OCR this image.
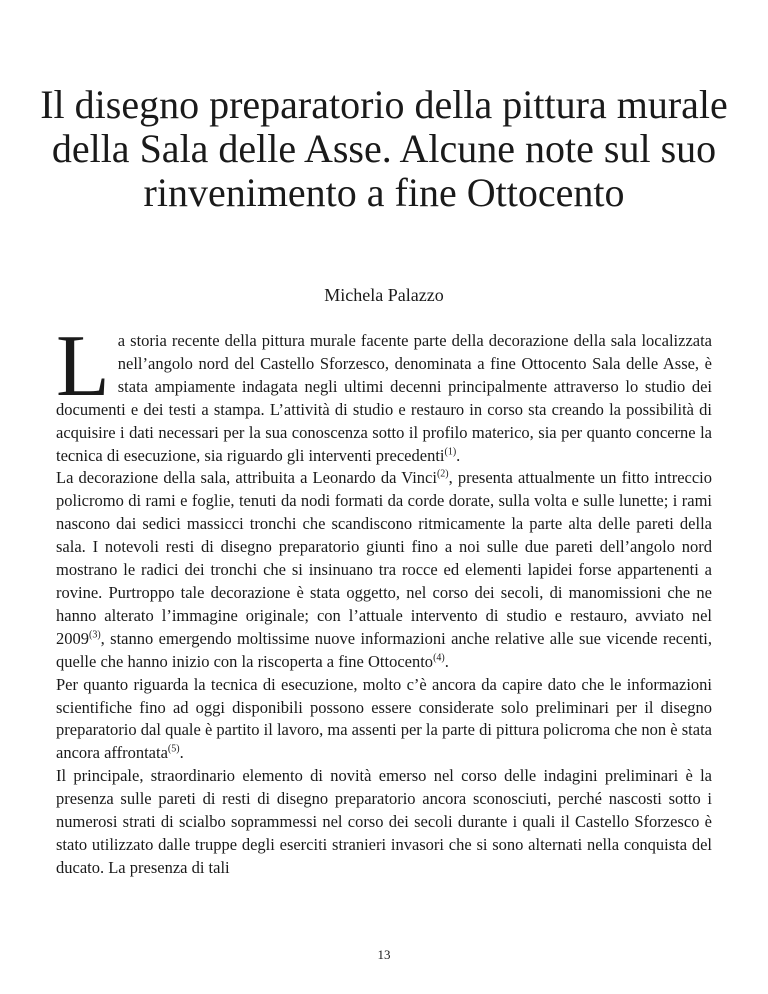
Il disegno preparatorio della pittura murale della Sala delle Asse. Alcune note sul suo rinvenimento a fine Ottocento
Michela Palazzo

La storia recente della pittura murale facente parte della decorazione della sala localizzata nell’angolo nord del Castello Sforzesco, denominata a fine Ottocento Sala delle Asse, è stata ampiamente indagata negli ultimi decenni principalmente attraverso lo studio dei documenti e dei testi a stampa. L’attività di studio e restauro in corso sta creando la possibilità di acquisire i dati necessari per la sua conoscenza sotto il profilo materico, sia per quanto concerne la tecnica di esecuzione, sia riguardo gli interventi precedenti$^{(1)}$.

La decorazione della sala, attribuita a Leonardo da Vinci$^{(2)}$, presenta attualmente un fitto intreccio policromo di rami e foglie, tenuti da nodi formati da corde dorate, sulla volta e sulle lunette; i rami nascono dai sedici massicci tronchi che scandiscono ritmicamente la parte alta delle pareti della sala. I notevoli resti di disegno preparatorio giunti fino a noi sulle due pareti dell’angolo nord mostrano le radici dei tronchi che si insinuano tra rocce ed elementi lapidei forse appartenenti a rovine. Purtroppo tale decorazione è stata oggetto, nel corso dei secoli, di manomissioni che ne hanno alterato l’immagine originale; con l’attuale intervento di studio e restauro, avviato nel 2009$^{(3)}$, stanno emergendo moltissime nuove informazioni anche relative alle sue vicende recenti, quelle che hanno inizio con la riscoperta a fine Ottocento$^{(4)}$.

Per quanto riguarda la tecnica di esecuzione, molto c’è ancora da capire dato che le informazioni scientifiche fino ad oggi disponibili possono essere considerate solo preliminari per il disegno preparatorio dal quale è partito il lavoro, ma assenti per la parte di pittura policroma che non è stata ancora affrontata$^{(5)}$.

Il principale, straordinario elemento di novità emerso nel corso delle indagini preliminari è la presenza sulle pareti di resti di disegno preparatorio ancora sconosciuti, perché nascosti sotto i numerosi strati di scialbo soprammessi nel corso dei secoli durante i quali il Castello Sforzesco è stato utilizzato dalle truppe degli eserciti stranieri invasori che si sono alternati nella conquista del ducato. La presenza di tali

13
